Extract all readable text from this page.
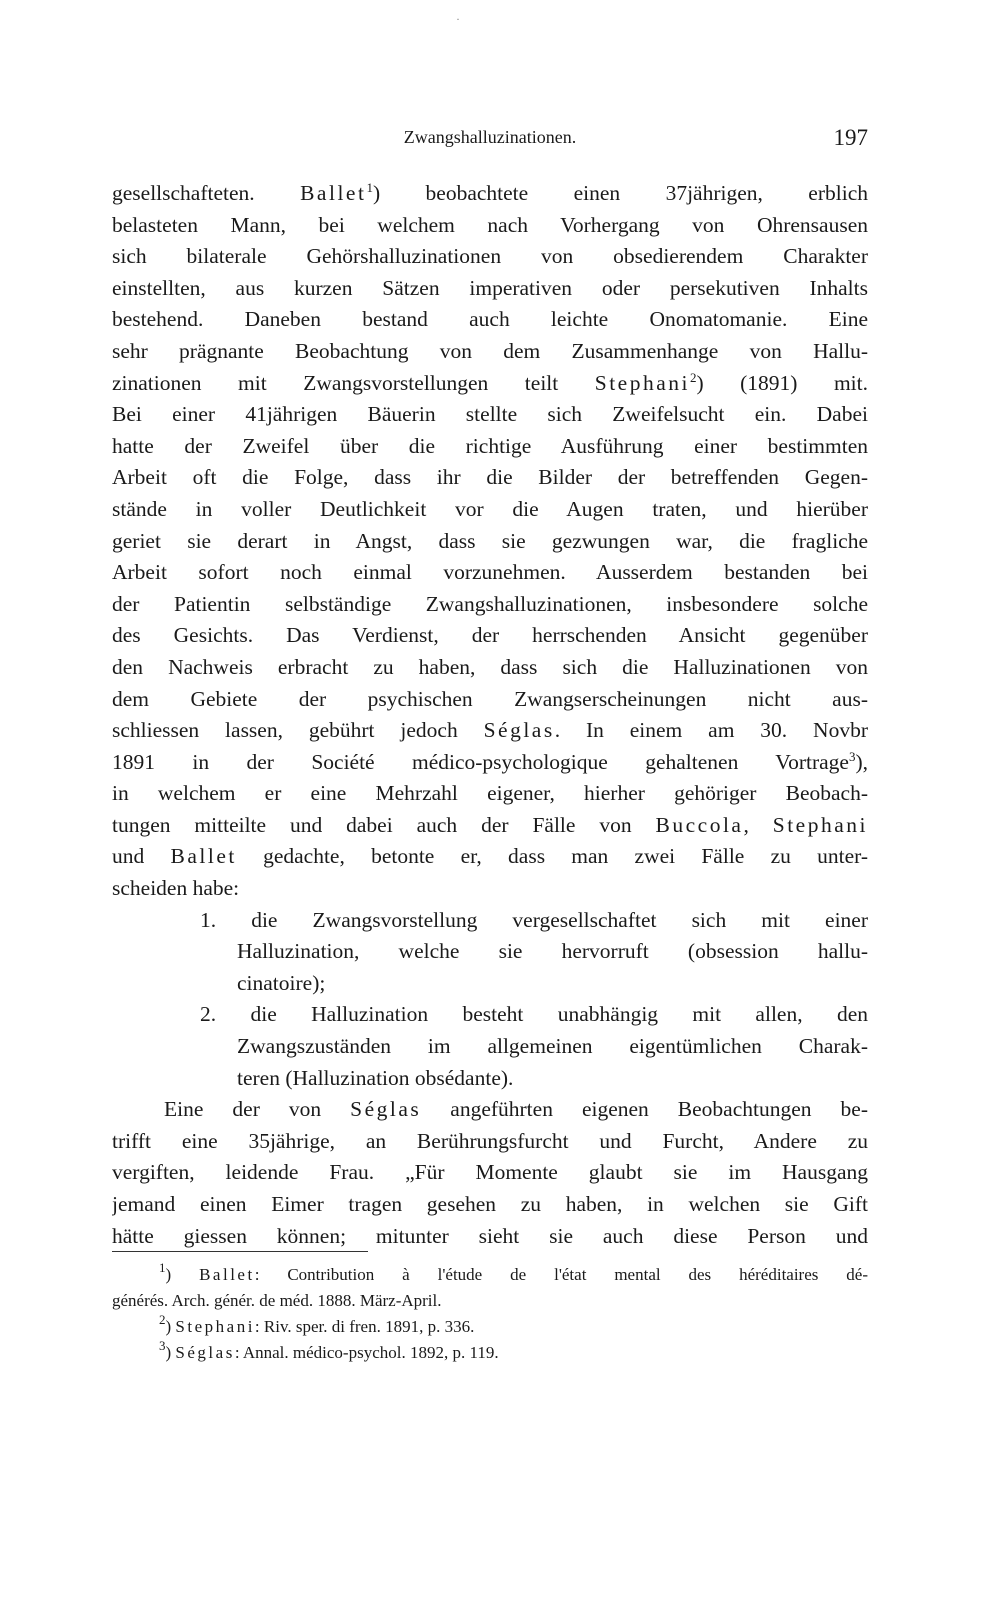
·
Zwangshalluzinationen.	197
gesellschafteten. Ballet$^1$) beobachtete einen 37jährigen, erblich
belasteten Mann, bei welchem nach Vorhergang von Ohrensausen
sich bilaterale Gehörshalluzinationen von obsedierendem Charakter
einstellten, aus kurzen Sätzen imperativen oder persekutiven Inhalts
bestehend. Daneben bestand auch leichte Onomatomanie. Eine
sehr prägnante Beobachtung von dem Zusammenhange von Hallu-
zinationen mit Zwangsvorstellungen teilt Stephani$^2$) (1891) mit.
Bei einer 41jährigen Bäuerin stellte sich Zweifelsucht ein. Dabei
hatte der Zweifel über die richtige Ausführung einer bestimmten
Arbeit oft die Folge, dass ihr die Bilder der betreffenden Gegen-
stände in voller Deutlichkeit vor die Augen traten, und hierüber
geriet sie derart in Angst, dass sie gezwungen war, die fragliche
Arbeit sofort noch einmal vorzunehmen. Ausserdem bestanden bei
der Patientin selbständige Zwangshalluzinationen, insbesondere solche
des Gesichts. Das Verdienst, der herrschenden Ansicht gegenüber
den Nachweis erbracht zu haben, dass sich die Halluzinationen von
dem Gebiete der psychischen Zwangserscheinungen nicht aus-
schliessen lassen, gebührt jedoch Séglas. In einem am 30. Novbr
1891 in der Société médico-psychologique gehaltenen Vortrage$^3$),
in welchem er eine Mehrzahl eigener, hierher gehöriger Beobach-
tungen mitteilte und dabei auch der Fälle von Buccola, Stephani
und Ballet gedachte, betonte er, dass man zwei Fälle zu unter-
scheiden habe:
1. die Zwangsvorstellung vergesellschaftet sich mit einer
Halluzination, welche sie hervorruft (obsession hallu-
cinatoire);
2. die Halluzination besteht unabhängig mit allen, den
Zwangszuständen im allgemeinen eigentümlichen Charak-
teren (Halluzination obsédante).
Eine der von Séglas angeführten eigenen Beobachtungen be-
trifft eine 35jährige, an Berührungsfurcht und Furcht, Andere zu
vergiften, leidende Frau. „Für Momente glaubt sie im Hausgang
jemand einen Eimer tragen gesehen zu haben, in welchen sie Gift
hätte giessen können; mitunter sieht sie auch diese Person und
$^1$) Ballet: Contribution à l'étude de l'état mental des héréditaires dé-
générés. Arch. génér. de méd. 1888. März-April.
$^2$) Stephani: Riv. sper. di fren. 1891, p. 336.
$^3$) Séglas: Annal. médico-psychol. 1892, p. 119.
